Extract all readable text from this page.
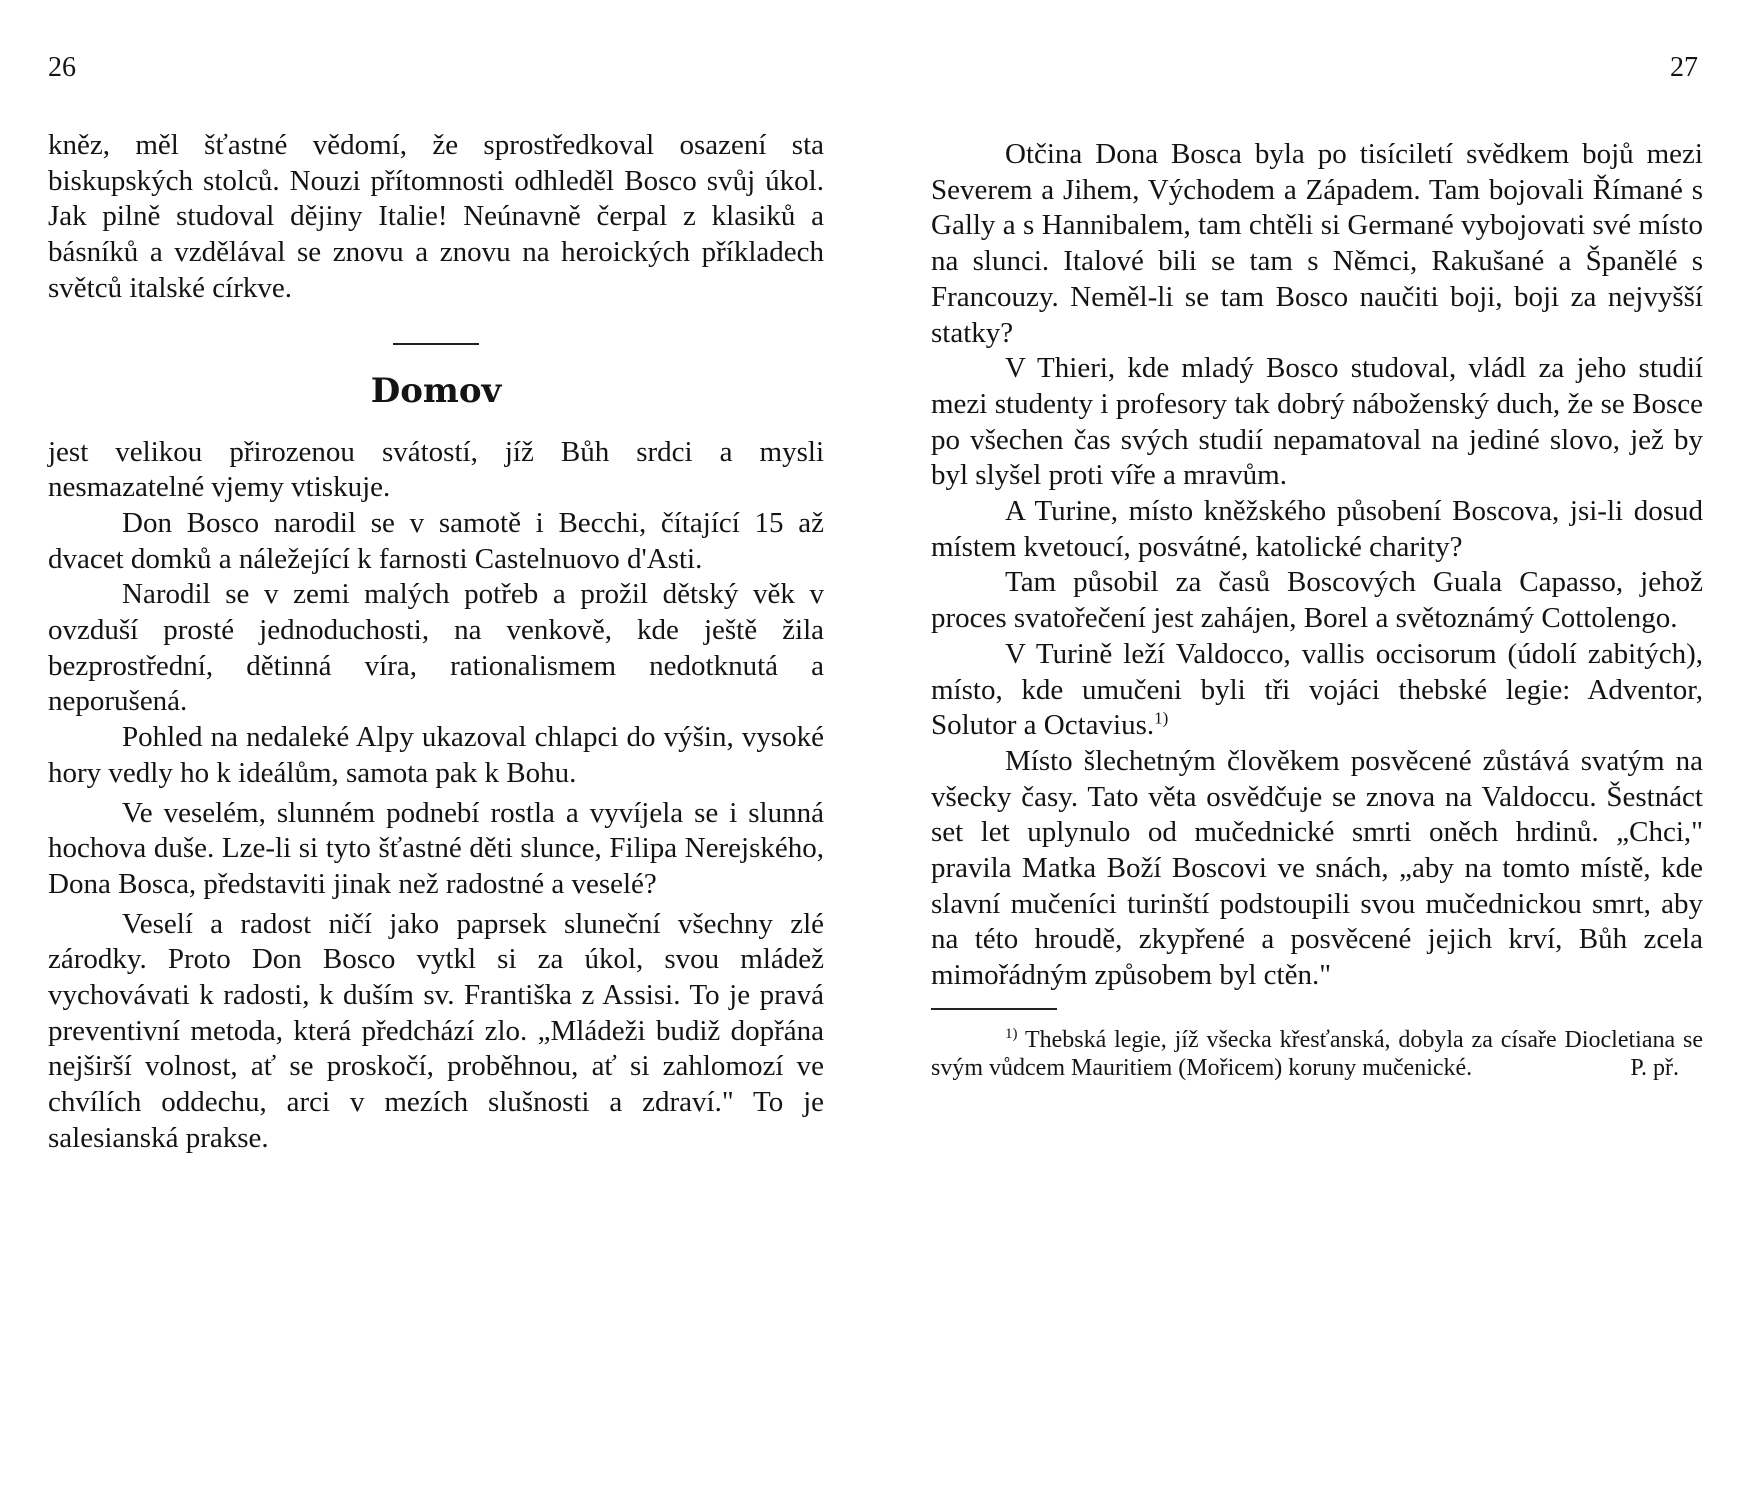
26

kněz, měl šťastné vědomí, že sprostředkoval osazení sta biskupských stolců. Nouzi přítomnosti odhleděl Bosco svůj úkol. Jak pilně studoval dějiny Italie! Neúnavně čerpal z klasiků a básníků a vzdělával se znovu a znovu na heroických příkladech světců italské církve.

Domov

jest velikou přirozenou svátostí, jíž Bůh srdci a mysli nesmazatelné vjemy vtiskuje.

Don Bosco narodil se v samotě i Becchi, čítající 15 až dvacet domků a náležející k farnosti Castelnuovo d'Asti.

Narodil se v zemi malých potřeb a prožil dětský věk v ovzduší prosté jednoduchosti, na venkově, kde ještě žila bezprostřední, dětinná víra, rationalismem nedotknutá a neporušená.

Pohled na nedaleké Alpy ukazoval chlapci do výšin, vysoké hory vedly ho k ideálům, samota pak k Bohu.

Ve veselém, slunném podnebí rostla a vyvíjela se i slunná hochova duše. Lze-li si tyto šťastné děti slunce, Filipa Nerejského, Dona Bosca, představiti jinak než radostné a veselé?

Veselí a radost ničí jako paprsek sluneční všechny zlé zárodky. Proto Don Bosco vytkl si za úkol, svou mládež vychovávati k radosti, k duším sv. Františka z Assisi. To je pravá preventivní metoda, která předchází zlo. „Mládeži budiž dopřána nejširší volnost, ať se proskočí, proběhnou, ať si zahlomozí ve chvílích oddechu, arci v mezích slušnosti a zdraví." To je salesianská prakse.

27

Otčina Dona Bosca byla po tisíciletí svědkem bojů mezi Severem a Jihem, Východem a Západem. Tam bojovali Římané s Gally a s Hannibalem, tam chtěli si Germané vybojovati své místo na slunci. Italové bili se tam s Němci, Rakušané a Španělé s Francouzy. Neměl-li se tam Bosco naučiti boji, boji za nejvyšší statky?

V Thieri, kde mladý Bosco studoval, vládl za jeho studií mezi studenty i profesory tak dobrý náboženský duch, že se Bosce po všechen čas svých studií nepamatoval na jediné slovo, jež by byl slyšel proti víře a mravům.

A Turine, místo kněžského působení Boscova, jsi-li dosud místem kvetoucí, posvátné, katolické charity?

Tam působil za časů Boscových Guala Capasso, jehož proces svatořečení jest zahájen, Borel a světoznámý Cottolengo.

V Turině leží Valdocco, vallis occisorum (údolí zabitých), místo, kde umučeni byli tři vojáci thebské legie: Adventor, Solutor a Octavius.$^{1)}$

Místo šlechetným člověkem posvěcené zůstává svatým na všecky časy. Tato věta osvědčuje se znova na Valdoccu. Šestnáct set let uplynulo od mučednické smrti oněch hrdinů. „Chci," pravila Matka Boží Boscovi ve snách, „aby na tomto místě, kde slavní mučeníci turinští podstoupili svou mučednickou smrt, aby na této hroudě, zkypřené a posvěcené jejich krví, Bůh zcela mimořádným způsobem byl ctěn."

$^{1)}$ Thebská legie, jíž všecka křesťanská, dobyla za císaře Diocletiana se svým vůdcem Mauritiem (Mořicem) koruny mučenické.	P. př.
